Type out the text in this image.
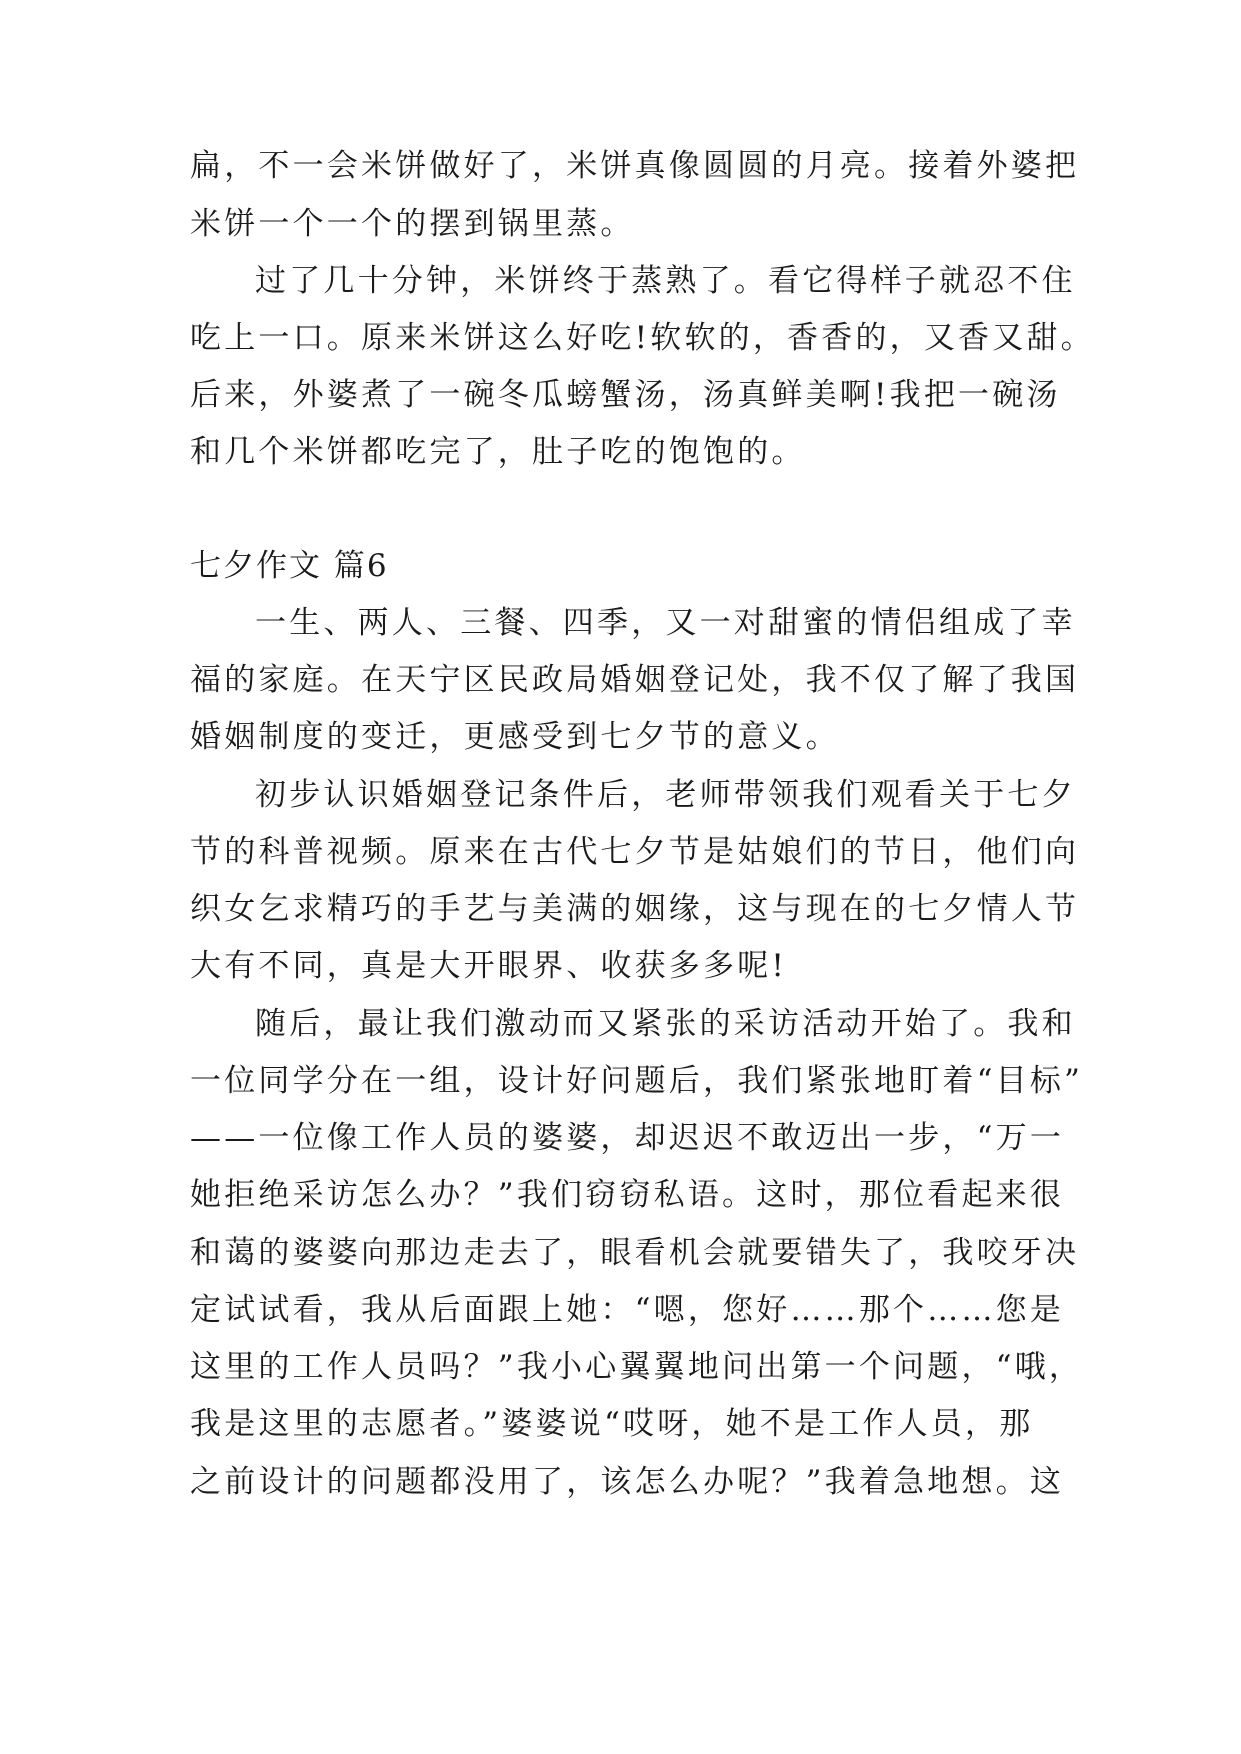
扁，不一会米饼做好了，米饼真像圆圆的月亮。接着外婆把
米饼一个一个的摆到锅里蒸。
过了几十分钟，米饼终于蒸熟了。看它得样子就忍不住
吃上一口。原来米饼这么好吃!软软的，香香的，又香又甜。
后来，外婆煮了一碗冬瓜螃蟹汤，汤真鲜美啊!我把一碗汤
和几个米饼都吃完了，肚子吃的饱饱的。
七夕作文 篇6
一生、两人、三餐、四季，又一对甜蜜的情侣组成了幸
福的家庭。在天宁区民政局婚姻登记处，我不仅了解了我国
婚姻制度的变迁，更感受到七夕节的意义。
初步认识婚姻登记条件后，老师带领我们观看关于七夕
节的科普视频。原来在古代七夕节是姑娘们的节日，他们向
织女乞求精巧的手艺与美满的姻缘，这与现在的七夕情人节
大有不同，真是大开眼界、收获多多呢!
随后，最让我们激动而又紧张的采访活动开始了。我和
一位同学分在一组，设计好问题后，我们紧张地盯着“目标”
——一位像工作人员的婆婆，却迟迟不敢迈出一步，“万一
她拒绝采访怎么办？”我们窃窃私语。这时，那位看起来很
和蔼的婆婆向那边走去了，眼看机会就要错失了，我咬牙决
定试试看，我从后面跟上她：“嗯，您好……那个……您是
这里的工作人员吗？”我小心翼翼地问出第一个问题，“哦，
我是这里的志愿者。”婆婆说“哎呀，她不是工作人员，那
之前设计的问题都没用了，该怎么办呢？”我着急地想。这
